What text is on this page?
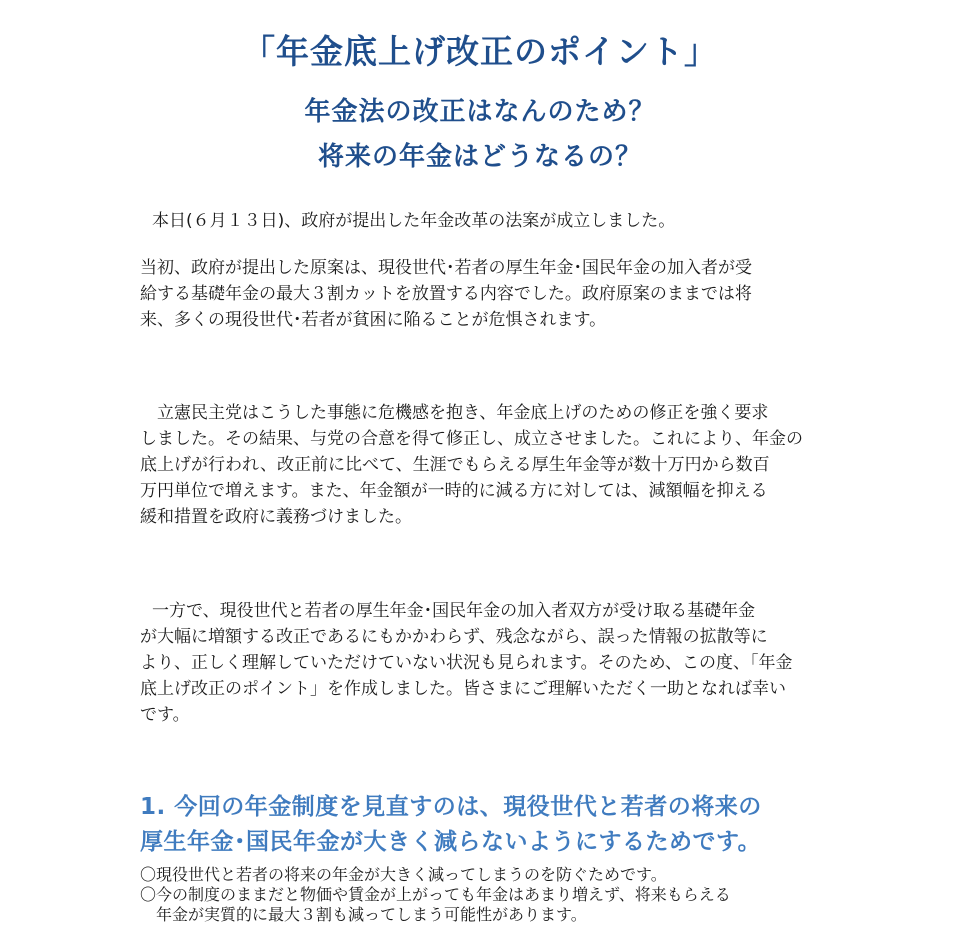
「年金底上げ改正のポイント」
年金法の改正はなんのため？
将来の年金はどうなるの？
本日(６月１３日)、政府が提出した年金改革の法案が成立しました。
当初、政府が提出した原案は、現役世代･若者の厚生年金･国民年金の加入者が受
給する基礎年金の最大３割カットを放置する内容でした。政府原案のままでは将
来、多くの現役世代･若者が貧困に陥ることが危惧されます。
立憲民主党はこうした事態に危機感を抱き、年金底上げのための修正を強く要求
しました。その結果、与党の合意を得て修正し、成立させました。これにより、年金の
底上げが行われ、改正前に比べて、生涯でもらえる厚生年金等が数十万円から数百
万円単位で増えます。また、年金額が一時的に減る方に対しては、減額幅を抑える
緩和措置を政府に義務づけました。
一方で、現役世代と若者の厚生年金･国民年金の加入者双方が受け取る基礎年金
が大幅に増額する改正であるにもかかわらず、残念ながら、誤った情報の拡散等に
より、正しく理解していただけていない状況も見られます。そのため、この度、「年金
底上げ改正のポイント」を作成しました。皆さまにご理解いただく一助となれば幸い
です。
1. 今回の年金制度を見直すのは、現役世代と若者の将来の
厚生年金･国民年金が大きく減らないようにするためです。
〇現役世代と若者の将来の年金が大きく減ってしまうのを防ぐためです。
〇今の制度のままだと物価や賃金が上がっても年金はあまり増えず、将来もらえる
年金が実質的に最大３割も減ってしまう可能性があります。
